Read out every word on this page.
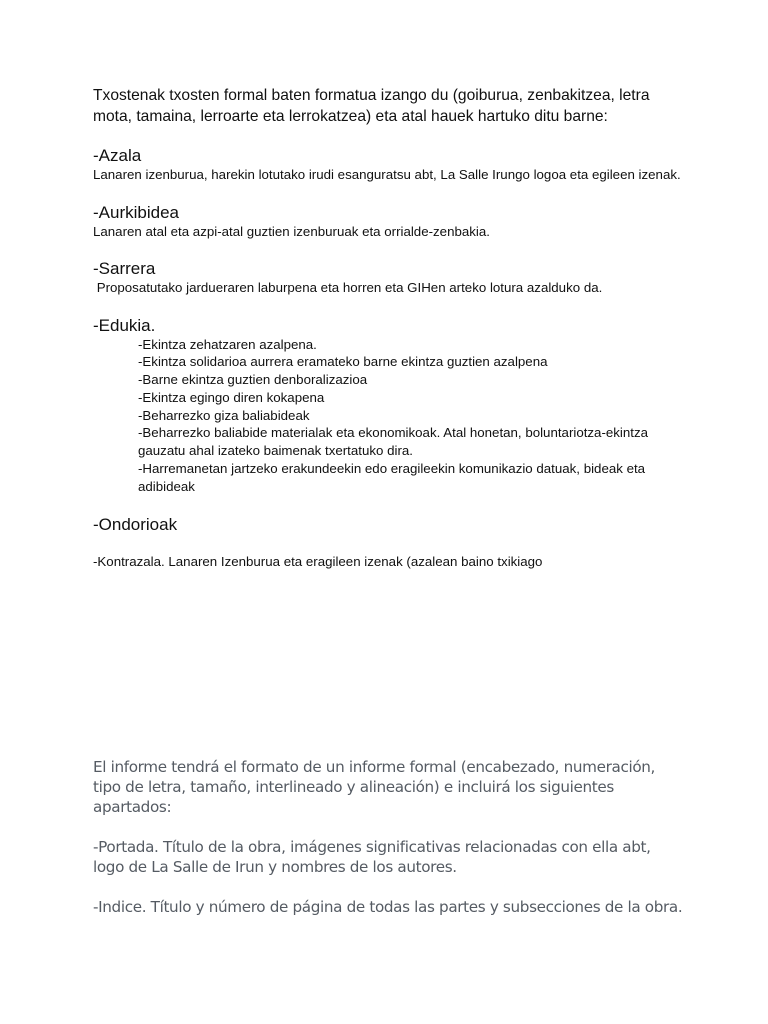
Txostenak txosten formal baten formatua izango du (goiburua, zenbakitzea, letra mota, tamaina, lerroarte eta lerrokatzea) eta atal hauek hartuko ditu barne:

-Azala

Lanaren izenburua, harekin lotutako irudi esanguratsu abt, La Salle Irungo logoa eta egileen izenak.

-Aurkibidea

Lanaren atal eta azpi-atal guztien izenburuak eta orrialde-zenbakia.

-Sarrera

Proposatutako jardueraren laburpena eta horren eta GIHen arteko lotura azalduko da.

-Edukia.

-Ekintza zehatzaren azalpena.
-Ekintza solidarioa aurrera eramateko barne ekintza guztien azalpena
-Barne ekintza guztien denboralizazioa
-Ekintza egingo diren kokapena
-Beharrezko giza baliabideak
-Beharrezko baliabide materialak eta ekonomikoak. Atal honetan, boluntariotza-ekintza gauzatu ahal izateko baimenak txertatuko dira.
-Harremanetan jartzeko erakundeekin edo eragileekin komunikazio datuak, bideak eta adibideak

-Ondorioak

-Kontrazala. Lanaren Izenburua eta eragileen izenak (azalean baino txikiago

El informe tendrá el formato de un informe formal (encabezado, numeración, tipo de letra, tamaño, interlineado y alineación) e incluirá los siguientes apartados:

-Portada. Título de la obra, imágenes significativas relacionadas con ella abt, logo de La Salle de Irun y nombres de los autores.

-Indice. Título y número de página de todas las partes y subsecciones de la obra.
